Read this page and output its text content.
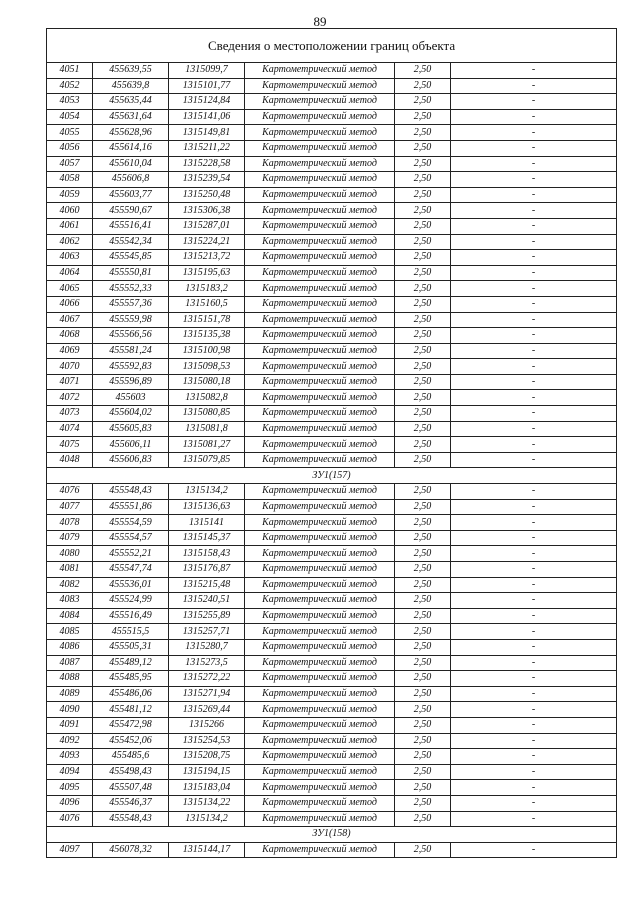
89
Сведения о местоположении границ объекта					
4051	455639,55	1315099,7	Картометрический метод	2,50	-
4052	455639,8	1315101,77	Картометрический метод	2,50	-
4053	455635,44	1315124,84	Картометрический метод	2,50	-
4054	455631,64	1315141,06	Картометрический метод	2,50	-
4055	455628,96	1315149,81	Картометрический метод	2,50	-
4056	455614,16	1315211,22	Картометрический метод	2,50	-
4057	455610,04	1315228,58	Картометрический метод	2,50	-
4058	455606,8	1315239,54	Картометрический метод	2,50	-
4059	455603,77	1315250,48	Картометрический метод	2,50	-
4060	455590,67	1315306,38	Картометрический метод	2,50	-
4061	455516,41	1315287,01	Картометрический метод	2,50	-
4062	455542,34	1315224,21	Картометрический метод	2,50	-
4063	455545,85	1315213,72	Картометрический метод	2,50	-
4064	455550,81	1315195,63	Картометрический метод	2,50	-
4065	455552,33	1315183,2	Картометрический метод	2,50	-
4066	455557,36	1315160,5	Картометрический метод	2,50	-
4067	455559,98	1315151,78	Картометрический метод	2,50	-
4068	455566,56	1315135,38	Картометрический метод	2,50	-
4069	455581,24	1315100,98	Картометрический метод	2,50	-
4070	455592,83	1315098,53	Картометрический метод	2,50	-
4071	455596,89	1315080,18	Картометрический метод	2,50	-
4072	455603	1315082,8	Картометрический метод	2,50	-
4073	455604,02	1315080,85	Картометрический метод	2,50	-
4074	455605,83	1315081,8	Картометрический метод	2,50	-
4075	455606,11	1315081,27	Картометрический метод	2,50	-
4048	455606,83	1315079,85	Картометрический метод	2,50	-
ЗУ1(157)					
4076	455548,43	1315134,2	Картометрический метод	2,50	-
4077	455551,86	1315136,63	Картометрический метод	2,50	-
4078	455554,59	1315141	Картометрический метод	2,50	-
4079	455554,57	1315145,37	Картометрический метод	2,50	-
4080	455552,21	1315158,43	Картометрический метод	2,50	-
4081	455547,74	1315176,87	Картометрический метод	2,50	-
4082	455536,01	1315215,48	Картометрический метод	2,50	-
4083	455524,99	1315240,51	Картометрический метод	2,50	-
4084	455516,49	1315255,89	Картометрический метод	2,50	-
4085	455515,5	1315257,71	Картометрический метод	2,50	-
4086	455505,31	1315280,7	Картометрический метод	2,50	-
4087	455489,12	1315273,5	Картометрический метод	2,50	-
4088	455485,95	1315272,22	Картометрический метод	2,50	-
4089	455486,06	1315271,94	Картометрический метод	2,50	-
4090	455481,12	1315269,44	Картометрический метод	2,50	-
4091	455472,98	1315266	Картометрический метод	2,50	-
4092	455452,06	1315254,53	Картометрический метод	2,50	-
4093	455485,6	1315208,75	Картометрический метод	2,50	-
4094	455498,43	1315194,15	Картометрический метод	2,50	-
4095	455507,48	1315183,04	Картометрический метод	2,50	-
4096	455546,37	1315134,22	Картометрический метод	2,50	-
4076	455548,43	1315134,2	Картометрический метод	2,50	-
ЗУ1(158)					
4097	456078,32	1315144,17	Картометрический метод	2,50	-
